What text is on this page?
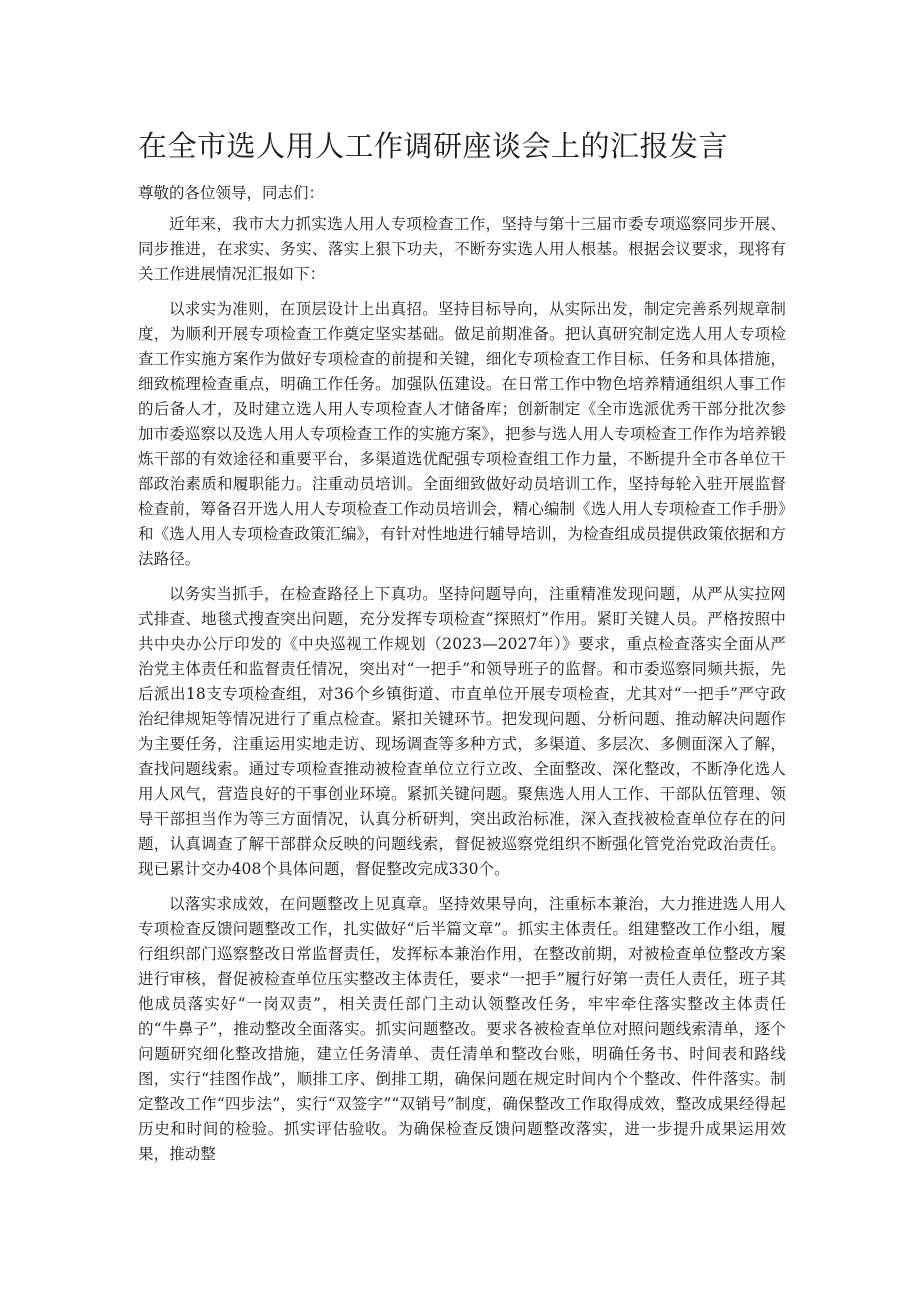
在全市选人用人工作调研座谈会上的汇报发言

尊敬的各位领导，同志们：

近年来，我市大力抓实选人用人专项检查工作，坚持与第十三届市委专项巡察同步开展、同步推进，在求实、务实、落实上狠下功夫，不断夯实选人用人根基。根据会议要求，现将有关工作进展情况汇报如下：

以求实为准则，在顶层设计上出真招。坚持目标导向，从实际出发，制定完善系列规章制度，为顺利开展专项检查工作奠定坚实基础。做足前期准备。把认真研究制定选人用人专项检查工作实施方案作为做好专项检查的前提和关键，细化专项检查工作目标、任务和具体措施，细致梳理检查重点，明确工作任务。加强队伍建设。在日常工作中物色培养精通组织人事工作的后备人才，及时建立选人用人专项检查人才储备库；创新制定《全市选派优秀干部分批次参加市委巡察以及选人用人专项检查工作的实施方案》，把参与选人用人专项检查工作作为培养锻炼干部的有效途径和重要平台，多渠道选优配强专项检查组工作力量，不断提升全市各单位干部政治素质和履职能力。注重动员培训。全面细致做好动员培训工作，坚持每轮入驻开展监督检查前，筹备召开选人用人专项检查工作动员培训会，精心编制《选人用人专项检查工作手册》和《选人用人专项检查政策汇编》，有针对性地进行辅导培训，为检查组成员提供政策依据和方法路径。

以务实当抓手，在检查路径上下真功。坚持问题导向，注重精准发现问题，从严从实拉网式排查、地毯式搜查突出问题，充分发挥专项检查“探照灯”作用。紧盯关键人员。严格按照中共中央办公厅印发的《中央巡视工作规划（2023—2027年）》要求，重点检查落实全面从严治党主体责任和监督责任情况，突出对“一把手”和领导班子的监督。和市委巡察同频共振，先后派出18支专项检查组，对36个乡镇街道、市直单位开展专项检查，尤其对“一把手”严守政治纪律规矩等情况进行了重点检查。紧扣关键环节。把发现问题、分析问题、推动解决问题作为主要任务，注重运用实地走访、现场调查等多种方式，多渠道、多层次、多侧面深入了解，查找问题线索。通过专项检查推动被检查单位立行立改、全面整改、深化整改，不断净化选人用人风气，营造良好的干事创业环境。紧抓关键问题。聚焦选人用人工作、干部队伍管理、领导干部担当作为等三方面情况，认真分析研判，突出政治标准，深入查找被检查单位存在的问题，认真调查了解干部群众反映的问题线索，督促被巡察党组织不断强化管党治党政治责任。现已累计交办408个具体问题，督促整改完成330个。

以落实求成效，在问题整改上见真章。坚持效果导向，注重标本兼治，大力推进选人用人专项检查反馈问题整改工作，扎实做好“后半篇文章”。抓实主体责任。组建整改工作小组，履行组织部门巡察整改日常监督责任，发挥标本兼治作用，在整改前期，对被检查单位整改方案进行审核，督促被检查单位压实整改主体责任，要求“一把手”履行好第一责任人责任，班子其他成员落实好“一岗双责”，相关责任部门主动认领整改任务，牢牢牵住落实整改主体责任的“牛鼻子”，推动整改全面落实。抓实问题整改。要求各被检查单位对照问题线索清单，逐个问题研究细化整改措施，建立任务清单、责任清单和整改台账，明确任务书、时间表和路线图，实行“挂图作战”，顺排工序、倒排工期，确保问题在规定时间内个个整改、件件落实。制定整改工作“四步法”，实行“双签字”“双销号”制度，确保整改工作取得成效，整改成果经得起历史和时间的检验。抓实评估验收。为确保检查反馈问题整改落实，进一步提升成果运用效果，推动整
